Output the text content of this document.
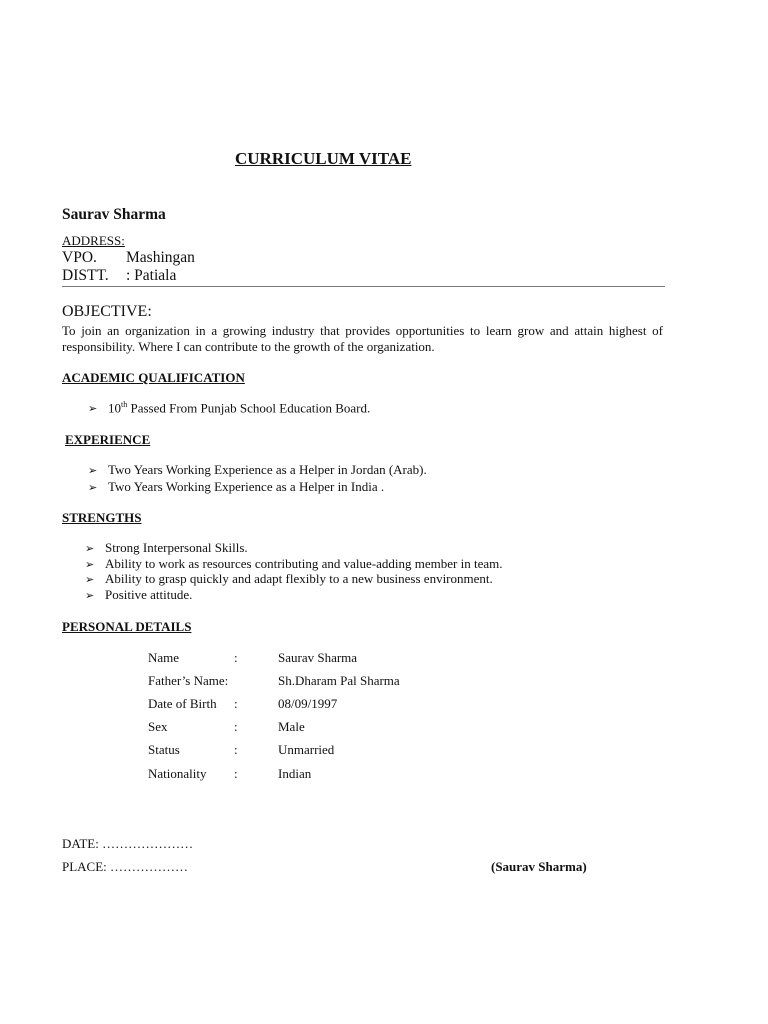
CURRICULUM VITAE
Saurav Sharma
ADDRESS:
VPO. Mashingan
DISTT. : Patiala
OBJECTIVE:
To join an organization in a growing industry that provides opportunities to learn grow and attain highest of responsibility. Where I can contribute to the growth of the organization.
ACADEMIC QUALIFICATION
➢ 10th Passed From Punjab School Education Board.
EXPERIENCE
➢ Two Years Working Experience as a Helper in Jordan (Arab).
➢ Two Years Working Experience as a Helper in India .
STRENGTHS
➢ Strong Interpersonal Skills.
➢ Ability to work as resources contributing and value-adding member in team.
➢ Ability to grasp quickly and adapt flexibly to a new business environment.
➢ Positive attitude.
PERSONAL DETAILS
Name	:	Saurav Sharma
Father’s Name:	Sh.Dharam Pal Sharma
Date of Birth :	08/09/1997
Sex	:	Male
Status	:	Unmarried
Nationality :	Indian
DATE: …………………
PLACE: ………………	(Saurav Sharma)
